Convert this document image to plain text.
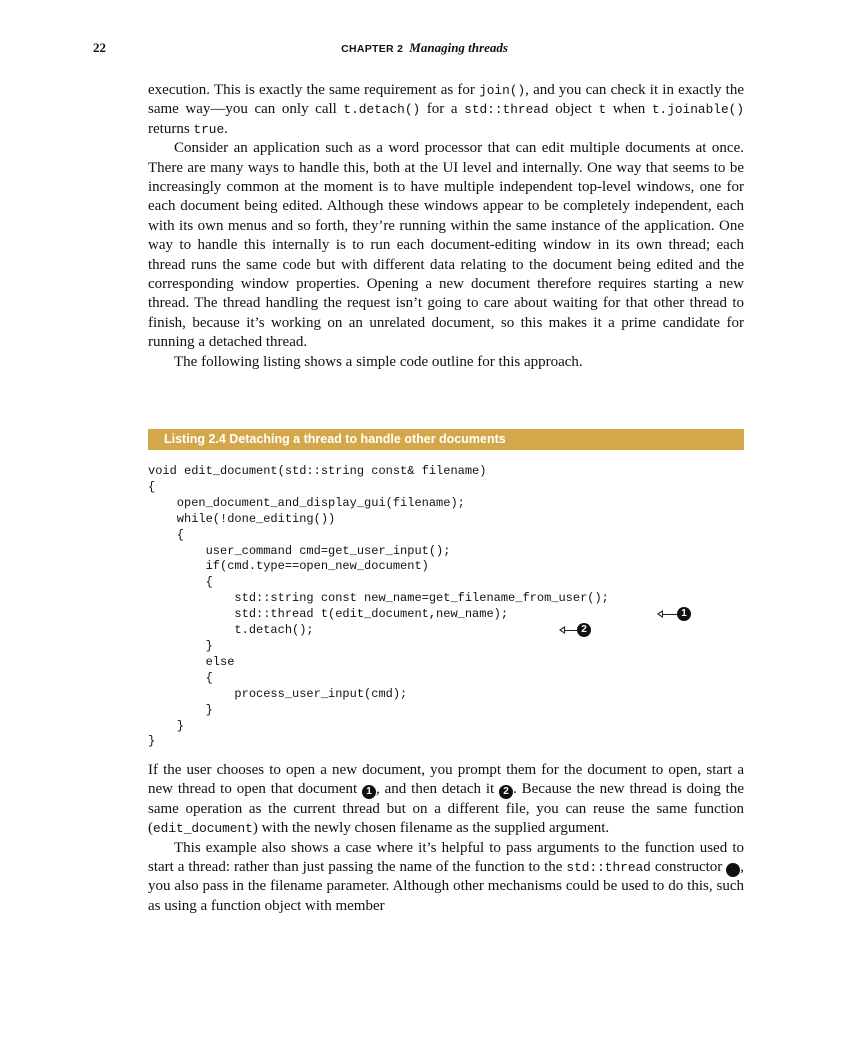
22	CHAPTER 2 Managing threads

execution. This is exactly the same requirement as for join(), and you can check it in exactly the same way—you can only call t.detach() for a std::thread object t when t.joinable() returns true.

Consider an application such as a word processor that can edit multiple documents at once. There are many ways to handle this, both at the UI level and internally. One way that seems to be increasingly common at the moment is to have multiple independent top-level windows, one for each document being edited. Although these windows appear to be completely independent, each with its own menus and so forth, they’re running within the same instance of the application. One way to handle this internally is to run each document-editing window in its own thread; each thread runs the same code but with different data relating to the document being edited and the corresponding window properties. Opening a new document therefore requires starting a new thread. The thread handling the request isn’t going to care about waiting for that other thread to finish, because it’s working on an unrelated document, so this makes it a prime candidate for running a detached thread.

The following listing shows a simple code outline for this approach.

Listing 2.4 Detaching a thread to handle other documents
void edit_document(std::string const& filename)
{
open_document_and_display_gui(filename);
while(!done_editing())
{
user_command cmd=get_user_input();
if(cmd.type==open_new_document)
{
std::string const new_name=get_filename_from_user();
std::thread t(edit_document,new_name);
t.detach();
}
else
{
process_user_input(cmd);
}
}
}
1
2

If the user chooses to open a new document, you prompt them for the document to open, start a new thread to open that document 1 , and then detach it 2 . Because the new thread is doing the same operation as the current thread but on a different file, you can reuse the same function (edit_document) with the newly chosen filename as the supplied argument.

This example also shows a case where it’s helpful to pass arguments to the function used to start a thread: rather than just passing the name of the function to the std::thread constructor	1, you also pass in the filename parameter. Although other mechanisms could be used to do this, such as using a function object with member
